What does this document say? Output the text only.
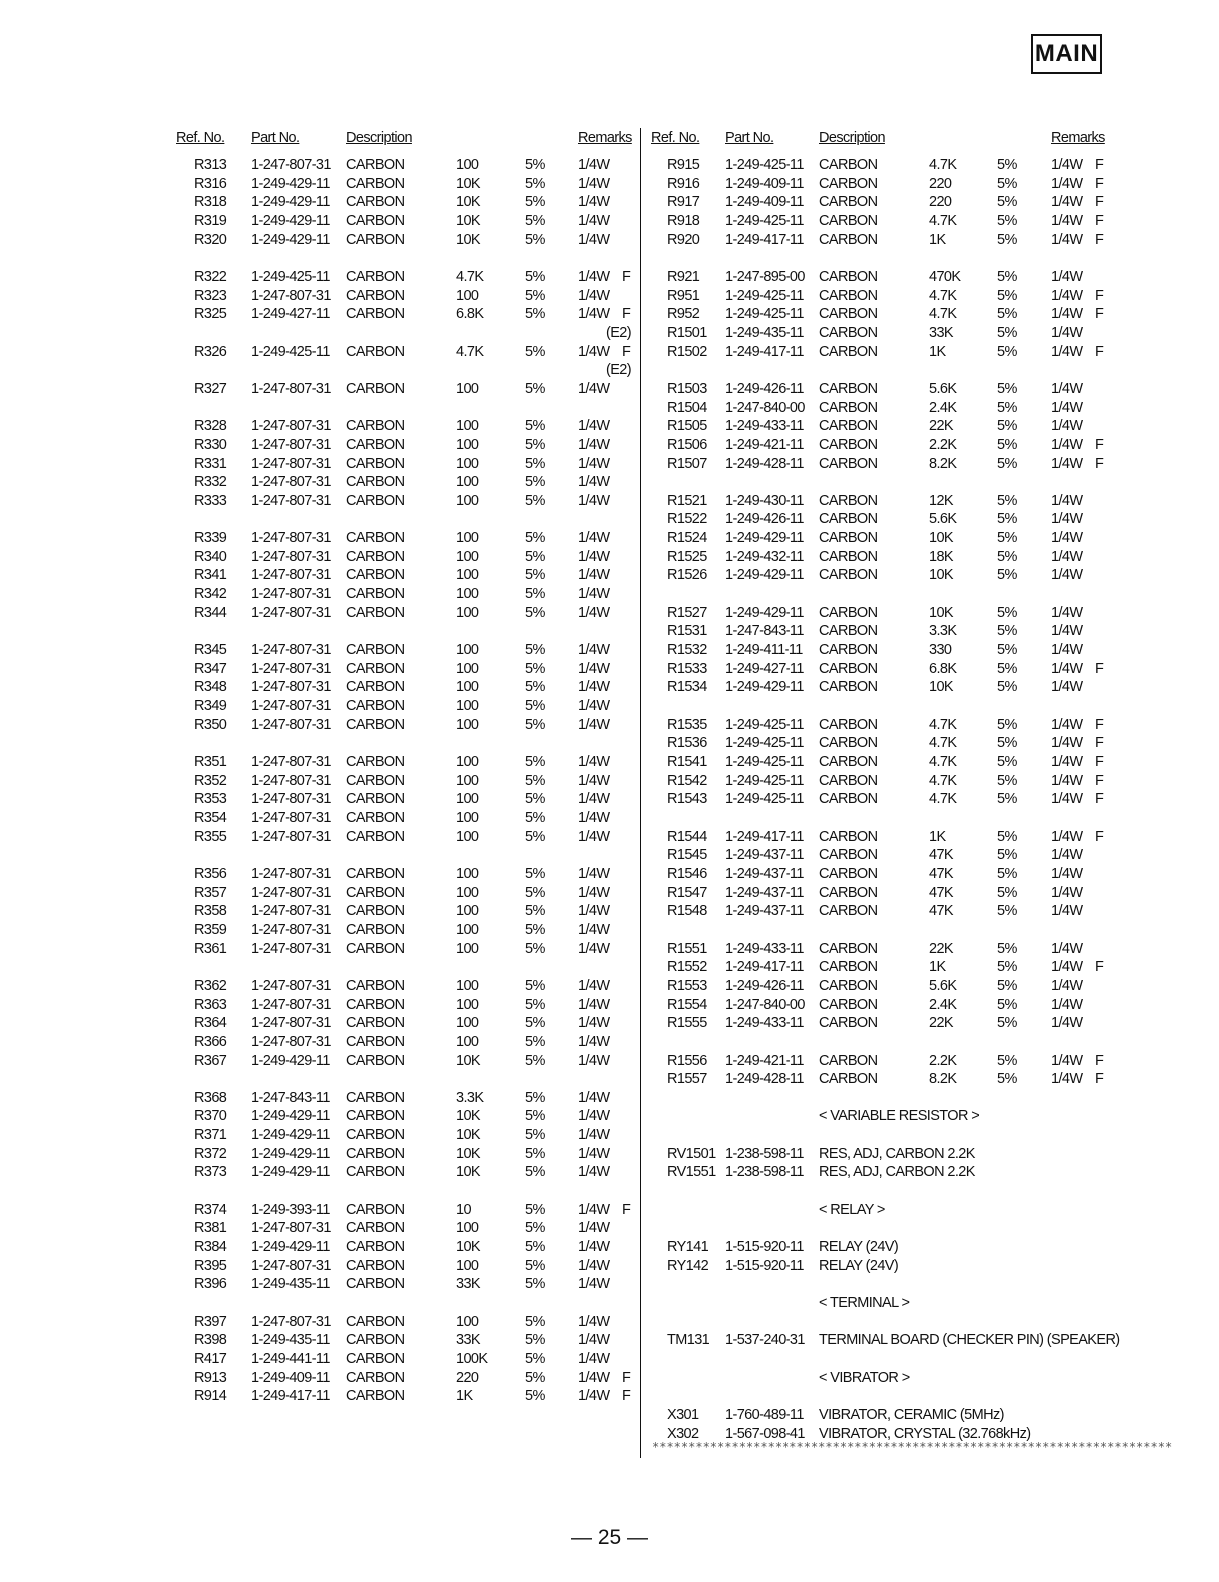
MAIN
Ref. No. Part No.	Description	Remarks
R313 1-247-807-31 CARBON	100	5% 1/4W
R316 1-249-429-11 CARBON	10K	5% 1/4W
R318 1-249-429-11 CARBON	10K	5% 1/4W
R319 1-249-429-11 CARBON	10K	5% 1/4W
R320 1-249-429-11 CARBON	10K	5% 1/4W
R322 1-249-425-11 CARBON	4.7K	5% 1/4W F
R323 1-247-807-31 CARBON	100	5% 1/4W
R325 1-249-427-11 CARBON	6.8K	5% 1/4W F
(E2)
R326 1-249-425-11 CARBON	4.7K	5% 1/4W F
(E2)
R327 1-247-807-31 CARBON	100	5% 1/4W
R328 1-247-807-31 CARBON	100	5% 1/4W
R330 1-247-807-31 CARBON	100	5% 1/4W
R331 1-247-807-31 CARBON	100	5% 1/4W
R332 1-247-807-31 CARBON	100	5% 1/4W
R333 1-247-807-31 CARBON	100	5% 1/4W
R339 1-247-807-31 CARBON	100	5% 1/4W
R340 1-247-807-31 CARBON	100	5% 1/4W
R341 1-247-807-31 CARBON	100	5% 1/4W
R342 1-247-807-31 CARBON	100	5% 1/4W
R344 1-247-807-31 CARBON	100	5% 1/4W
R345 1-247-807-31 CARBON	100	5% 1/4W
R347 1-247-807-31 CARBON	100	5% 1/4W
R348 1-247-807-31 CARBON	100	5% 1/4W
R349 1-247-807-31 CARBON	100	5% 1/4W
R350 1-247-807-31 CARBON	100	5% 1/4W
R351 1-247-807-31 CARBON	100	5% 1/4W
R352 1-247-807-31 CARBON	100	5% 1/4W
R353 1-247-807-31 CARBON	100	5% 1/4W
R354 1-247-807-31 CARBON	100	5% 1/4W
R355 1-247-807-31 CARBON	100	5% 1/4W
R356 1-247-807-31 CARBON	100	5% 1/4W
R357 1-247-807-31 CARBON	100	5% 1/4W
R358 1-247-807-31 CARBON	100	5% 1/4W
R359 1-247-807-31 CARBON	100	5% 1/4W
R361 1-247-807-31 CARBON	100	5% 1/4W
R362 1-247-807-31 CARBON	100	5% 1/4W
R363 1-247-807-31 CARBON	100	5% 1/4W
R364 1-247-807-31 CARBON	100	5% 1/4W
R366 1-247-807-31 CARBON	100	5% 1/4W
R367 1-249-429-11 CARBON	10K	5% 1/4W
R368 1-247-843-11 CARBON	3.3K	5% 1/4W
R370 1-249-429-11 CARBON	10K	5% 1/4W
R371 1-249-429-11 CARBON	10K	5% 1/4W
R372 1-249-429-11 CARBON	10K	5% 1/4W
R373 1-249-429-11 CARBON	10K	5% 1/4W
R374 1-249-393-11 CARBON	10	5% 1/4W F
R381 1-247-807-31 CARBON	100	5% 1/4W
R384 1-249-429-11 CARBON	10K	5% 1/4W
R395 1-247-807-31 CARBON	100	5% 1/4W
R396 1-249-435-11 CARBON	33K	5% 1/4W
R397 1-247-807-31 CARBON	100	5% 1/4W
R398 1-249-435-11 CARBON	33K	5% 1/4W
R417 1-249-441-11 CARBON	100K	5% 1/4W
R913 1-249-409-11 CARBON	220	5% 1/4W F
R914 1-249-417-11 CARBON	1K	5% 1/4W F
Ref. No. Part No.	Description	Remarks
R915 1-249-425-11 CARBON	4.7K	5% 1/4W F
R916 1-249-409-11 CARBON	220	5% 1/4W F
R917 1-249-409-11 CARBON	220	5% 1/4W F
R918 1-249-425-11 CARBON	4.7K	5% 1/4W F
R920 1-249-417-11 CARBON	1K	5% 1/4W F
R921 1-247-895-00 CARBON	470K	5% 1/4W
R951 1-249-425-11 CARBON	4.7K	5% 1/4W F
R952 1-249-425-11 CARBON	4.7K	5% 1/4W F
R1501 1-249-435-11 CARBON	33K	5% 1/4W
R1502 1-249-417-11 CARBON	1K	5% 1/4W F
R1503 1-249-426-11 CARBON	5.6K	5% 1/4W
R1504 1-247-840-00 CARBON	2.4K	5% 1/4W
R1505 1-249-433-11 CARBON	22K	5% 1/4W
R1506 1-249-421-11 CARBON	2.2K	5% 1/4W F
R1507 1-249-428-11 CARBON	8.2K	5% 1/4W F
R1521 1-249-430-11 CARBON	12K	5% 1/4W
R1522 1-249-426-11 CARBON	5.6K	5% 1/4W
R1524 1-249-429-11 CARBON	10K	5% 1/4W
R1525 1-249-432-11 CARBON	18K	5% 1/4W
R1526 1-249-429-11 CARBON	10K	5% 1/4W
R1527 1-249-429-11 CARBON	10K	5% 1/4W
R1531 1-247-843-11 CARBON	3.3K	5% 1/4W
R1532 1-249-411-11 CARBON	330	5% 1/4W
R1533 1-249-427-11 CARBON	6.8K	5% 1/4W F
R1534 1-249-429-11 CARBON	10K	5% 1/4W
R1535 1-249-425-11 CARBON	4.7K	5% 1/4W F
R1536 1-249-425-11 CARBON	4.7K	5% 1/4W F
R1541 1-249-425-11 CARBON	4.7K	5% 1/4W F
R1542 1-249-425-11 CARBON	4.7K	5% 1/4W F
R1543 1-249-425-11 CARBON	4.7K	5% 1/4W F
R1544 1-249-417-11 CARBON	1K	5% 1/4W F
R1545 1-249-437-11 CARBON	47K	5% 1/4W
R1546 1-249-437-11 CARBON	47K	5% 1/4W
R1547 1-249-437-11 CARBON	47K	5% 1/4W
R1548 1-249-437-11 CARBON	47K	5% 1/4W
R1551 1-249-433-11 CARBON	22K	5% 1/4W
R1552 1-249-417-11 CARBON	1K	5% 1/4W F
R1553 1-249-426-11 CARBON	5.6K	5% 1/4W
R1554 1-247-840-00 CARBON	2.4K	5% 1/4W
R1555 1-249-433-11 CARBON	22K	5% 1/4W
R1556 1-249-421-11 CARBON	2.2K	5% 1/4W F
R1557 1-249-428-11 CARBON	8.2K	5% 1/4W F
< VARIABLE RESISTOR >
RV1501 1-238-598-11 RES, ADJ, CARBON 2.2K
RV1551 1-238-598-11 RES, ADJ, CARBON 2.2K
< RELAY >
RY141 1-515-920-11 RELAY (24V)
RY142 1-515-920-11 RELAY (24V)
< TERMINAL >
TM131 1-537-240-31 TERMINAL BOARD (CHECKER PIN) (SPEAKER)
< VIBRATOR >
X301 1-760-489-11 VIBRATOR, CERAMIC (5MHz)
X302 1-567-098-41 VIBRATOR, CRYSTAL (32.768kHz)
************************************************************************
— 25 —
